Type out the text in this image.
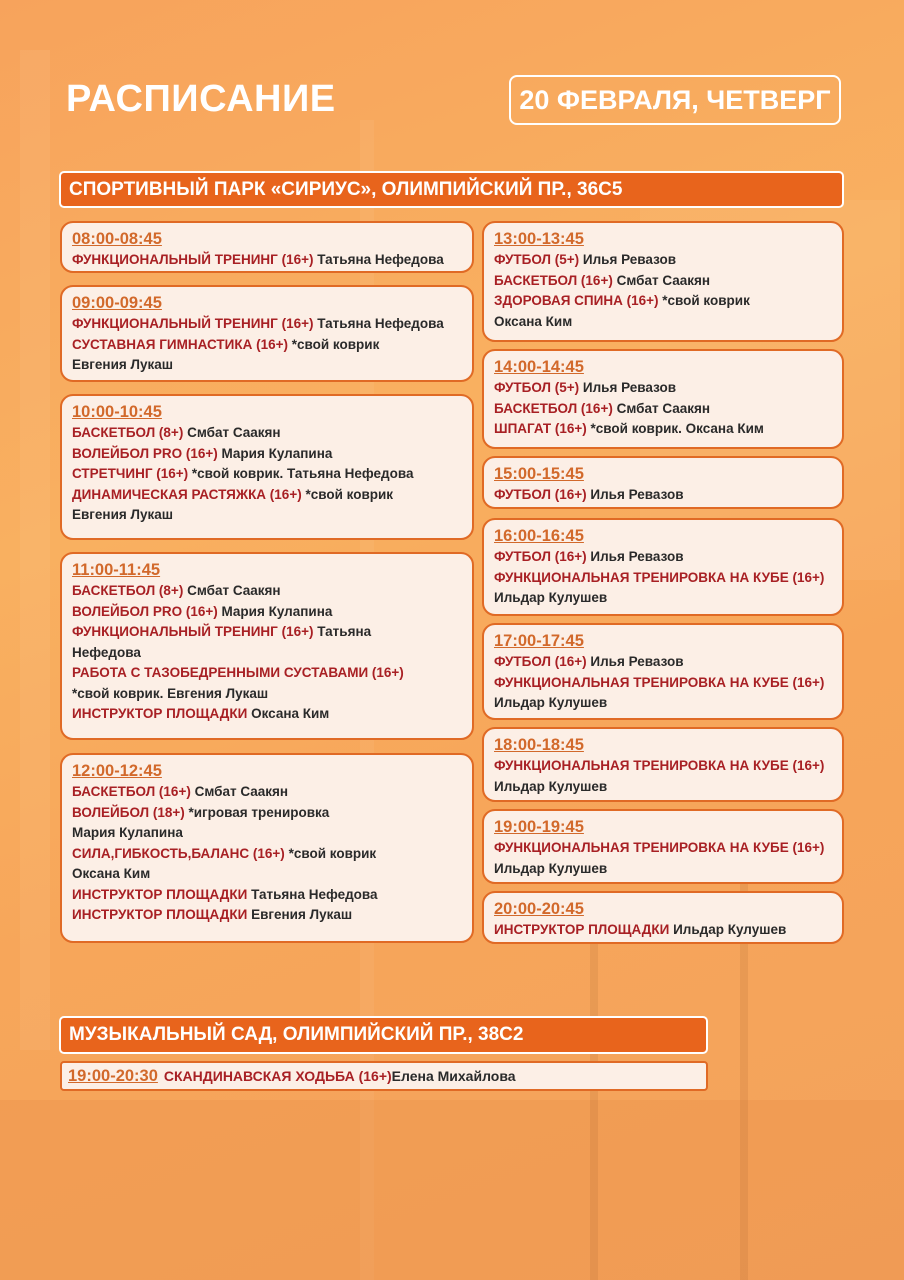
РАСПИСАНИЕ	20 ФЕВРАЛЯ, ЧЕТВЕРГ
СПОРТИВНЫЙ ПАРК «СИРИУС», ОЛИМПИЙСКИЙ ПР., 36С5
08:00-08:45
ФУНКЦИОНАЛЬНЫЙ ТРЕНИНГ (16+) Татьяна Нефедова
09:00-09:45
ФУНКЦИОНАЛЬНЫЙ ТРЕНИНГ (16+) Татьяна Нефедова
СУСТАВНАЯ ГИМНАСТИКА (16+) *свой коврик
Евгения Лукаш
10:00-10:45
БАСКЕТБОЛ (8+) Смбат Саакян
ВОЛЕЙБОЛ PRO (16+) Мария Кулапина
СТРЕТЧИНГ (16+) *свой коврик. Татьяна Нефедова
ДИНАМИЧЕСКАЯ РАСТЯЖКА (16+) *свой коврик
Евгения Лукаш
11:00-11:45
БАСКЕТБОЛ (8+) Смбат Саакян
ВОЛЕЙБОЛ PRO (16+) Мария Кулапина
ФУНКЦИОНАЛЬНЫЙ ТРЕНИНГ (16+) Татьяна
Нефедова
РАБОТА С ТАЗОБЕДРЕННЫМИ СУСТАВАМИ (16+)
*свой коврик. Евгения Лукаш
ИНСТРУКТОР ПЛОЩАДКИ Оксана Ким
12:00-12:45
БАСКЕТБОЛ (16+) Смбат Саакян
ВОЛЕЙБОЛ (18+) *игровая тренировка
Мария Кулапина
СИЛА,ГИБКОСТЬ,БАЛАНС (16+) *свой коврик
Оксана Ким
ИНСТРУКТОР ПЛОЩАДКИ Татьяна Нефедова
ИНСТРУКТОР ПЛОЩАДКИ Евгения Лукаш
13:00-13:45
ФУТБОЛ (5+) Илья Ревазов
БАСКЕТБОЛ (16+) Смбат Саакян
ЗДОРОВАЯ СПИНА (16+) *свой коврик
Оксана Ким
14:00-14:45
ФУТБОЛ (5+) Илья Ревазов
БАСКЕТБОЛ (16+) Смбат Саакян
ШПАГАТ (16+) *свой коврик. Оксана Ким
15:00-15:45
ФУТБОЛ (16+) Илья Ревазов
16:00-16:45
ФУТБОЛ (16+) Илья Ревазов
ФУНКЦИОНАЛЬНАЯ ТРЕНИРОВКА НА КУБЕ (16+)
Ильдар Кулушев
17:00-17:45
ФУТБОЛ (16+) Илья Ревазов
ФУНКЦИОНАЛЬНАЯ ТРЕНИРОВКА НА КУБЕ (16+)
Ильдар Кулушев
18:00-18:45
ФУНКЦИОНАЛЬНАЯ ТРЕНИРОВКА НА КУБЕ (16+)
Ильдар Кулушев
19:00-19:45
ФУНКЦИОНАЛЬНАЯ ТРЕНИРОВКА НА КУБЕ (16+)
Ильдар Кулушев
20:00-20:45
ИНСТРУКТОР ПЛОЩАДКИ Ильдар Кулушев
МУЗЫКАЛЬНЫЙ САД, ОЛИМПИЙСКИЙ ПР., 38С2
19:00-20:30 СКАНДИНАВСКАЯ ХОДЬБА (16+) Елена Михайлова
